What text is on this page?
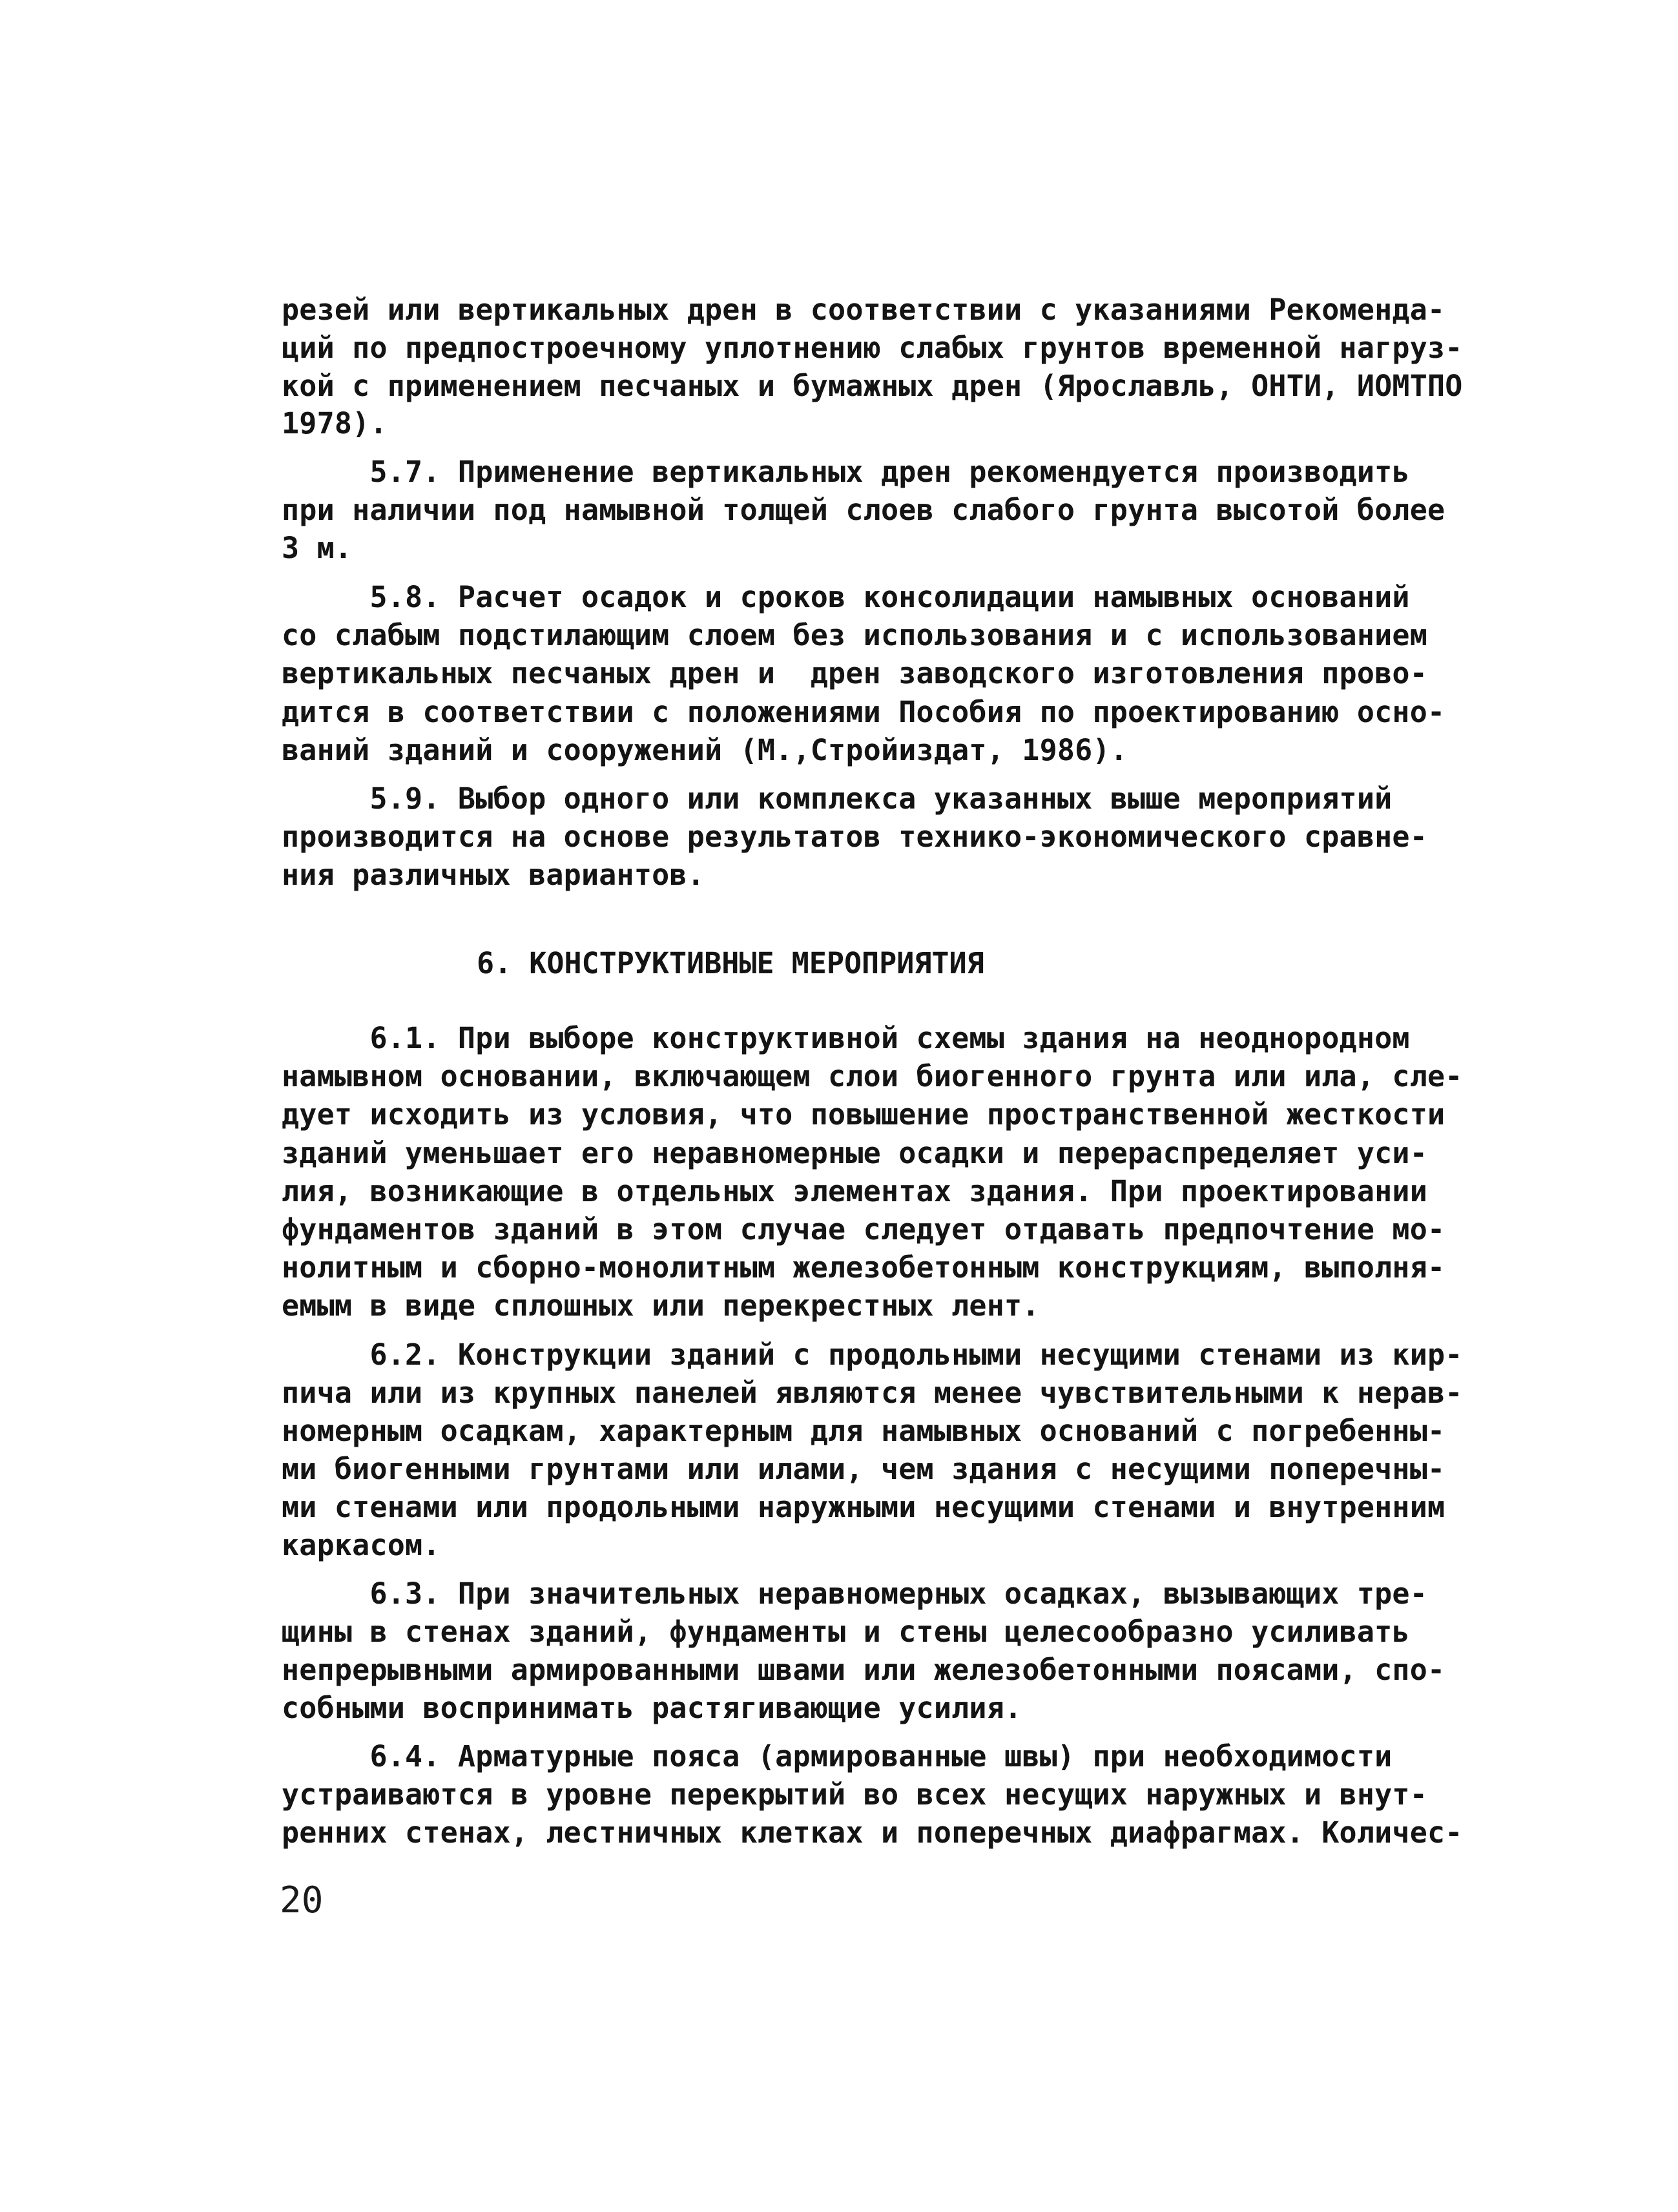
резей или вертикальных дрен в соответствии с указаниями Рекоменда-
ций по предпостроечному уплотнению слабых грунтов временной нагруз-
кой с применением песчаных и бумажных дрен (Ярославль, ОНТИ, ИОМТПО
1978).
5.7. Применение вертикальных дрен рекомендуется производить
при наличии под намывной толщей слоев слабого грунта высотой более
3 м.
5.8. Расчет осадок и сроков консолидации намывных оснований
со слабым подстилающим слоем без использования и с использованием
вертикальных песчаных дрен и  дрен заводского изготовления прово-
дится в соответствии с положениями Пособия по проектированию осно-
ваний зданий и сооружений (М.,Стройиздат, 1986).
5.9. Выбор одного или комплекса указанных выше мероприятий
производится на основе результатов технико-экономического сравне-
ния различных вариантов.
6. КОНСТРУКТИВНЫЕ МЕРОПРИЯТИЯ
6.1. При выборе конструктивной схемы здания на неоднородном
намывном основании, включающем слои биогенного грунта или ила, сле-
дует исходить из условия, что повышение пространственной жесткости
зданий уменьшает его неравномерные осадки и перераспределяет уси-
лия, возникающие в отдельных элементах здания. При проектировании
фундаментов зданий в этом случае следует отдавать предпочтение мо-
нолитным и сборно-монолитным железобетонным конструкциям, выполня-
емым в виде сплошных или перекрестных лент.
6.2. Конструкции зданий с продольными несущими стенами из кир-
пича или из крупных панелей являются менее чувствительными к нерав-
номерным осадкам, характерным для намывных оснований с погребенны-
ми биогенными грунтами или илами, чем здания с несущими поперечны-
ми стенами или продольными наружными несущими стенами и внутренним
каркасом.
6.3. При значительных неравномерных осадках, вызывающих тре-
щины в стенах зданий, фундаменты и стены целесообразно усиливать
непрерывными армированными швами или железобетонными поясами, спо-
собными воспринимать растягивающие усилия.
6.4. Арматурные пояса (армированные швы) при необходимости
устраиваются в уровне перекрытий во всех несущих наружных и внут-
ренних стенах, лестничных клетках и поперечных диафрагмах. Количес-
20
